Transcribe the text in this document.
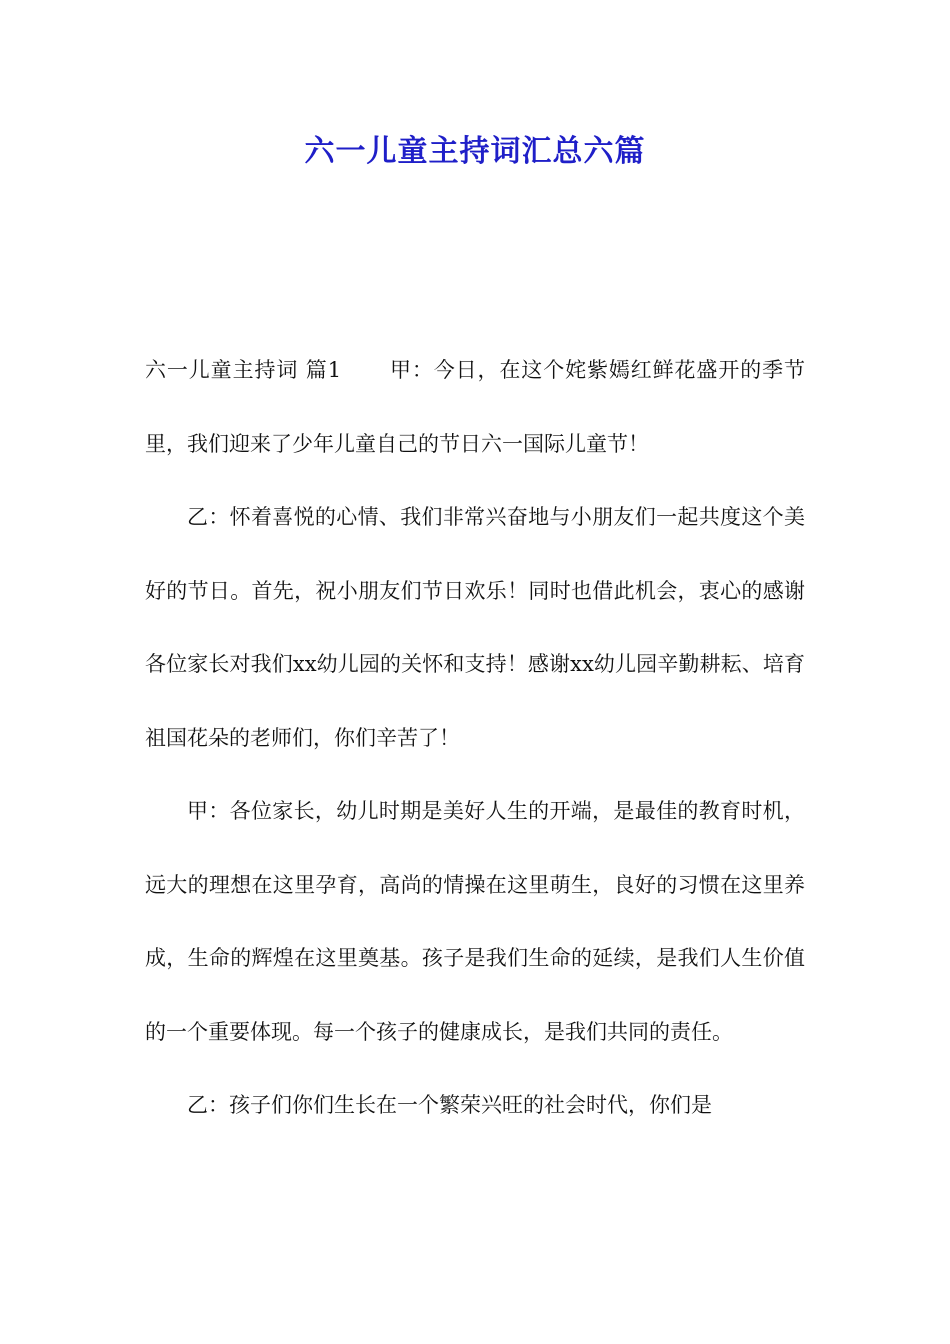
六一儿童主持词汇总六篇

六一儿童主持词 篇1 甲：今日，在这个姹紫嫣红鲜花盛开的季节里，我们迎来了少年儿童自己的节日六一国际儿童节！

乙：怀着喜悦的心情、我们非常兴奋地与小朋友们一起共度这个美好的节日。首先，祝小朋友们节日欢乐！同时也借此机会，衷心的感谢各位家长对我们xx幼儿园的关怀和支持！感谢xx幼儿园辛勤耕耘、培育祖国花朵的老师们，你们辛苦了！

甲：各位家长，幼儿时期是美好人生的开端，是最佳的教育时机，远大的理想在这里孕育，高尚的情操在这里萌生，良好的习惯在这里养成，生命的辉煌在这里奠基。孩子是我们生命的延续，是我们人生价值的一个重要体现。每一个孩子的健康成长，是我们共同的责任。

乙：孩子们你们生长在一个繁荣兴旺的社会时代，你们是
